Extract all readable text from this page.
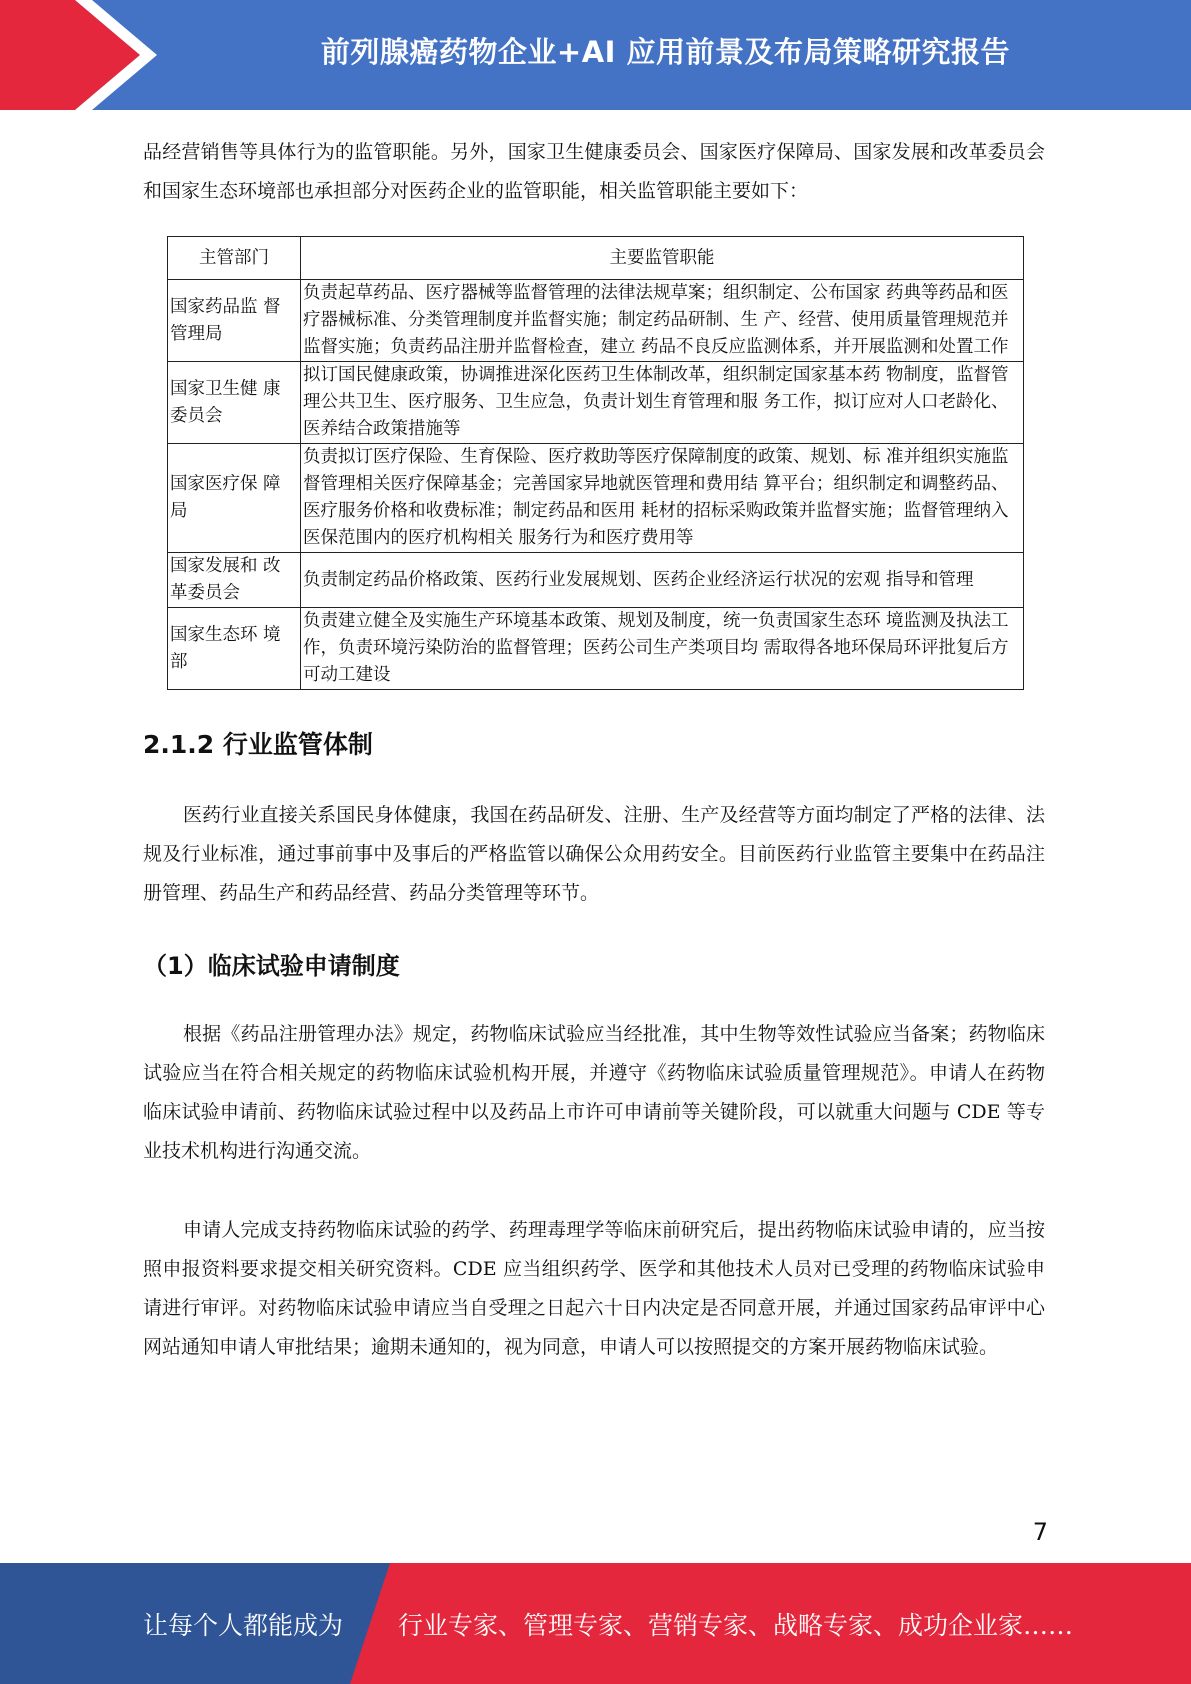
前列腺癌药物企业+AI 应用前景及布局策略研究报告

品经营销售等具体行为的监管职能。另外，国家卫生健康委员会、国家医疗保障局、国家发展和改革委员会和国家生态环境部也承担部分对医药企业的监管职能，相关监管职能主要如下：

主管部门	主要监管职能
国家药品监 督管理局	负责起草药品、医疗器械等监督管理的法律法规草案；组织制定、公布国家 药典等药品和医疗器械标准、分类管理制度并监督实施；制定药品研制、生 产、经营、使用质量管理规范并监督实施；负责药品注册并监督检查，建立 药品不良反应监测体系，并开展监测和处置工作
国家卫生健 康委员会	拟订国民健康政策，协调推进深化医药卫生体制改革，组织制定国家基本药 物制度，监督管理公共卫生、医疗服务、卫生应急，负责计划生育管理和服 务工作，拟订应对人口老龄化、医养结合政策措施等
国家医疗保 障局	负责拟订医疗保险、生育保险、医疗救助等医疗保障制度的政策、规划、标 准并组织实施监督管理相关医疗保障基金；完善国家异地就医管理和费用结 算平台；组织制定和调整药品、医疗服务价格和收费标准；制定药品和医用 耗材的招标采购政策并监督实施；监督管理纳入医保范围内的医疗机构相关 服务行为和医疗费用等
国家发展和 改革委员会	负责制定药品价格政策、医药行业发展规划、医药企业经济运行状况的宏观 指导和管理
国家生态环 境部	负责建立健全及实施生产环境基本政策、规划及制度，统一负责国家生态环 境监测及执法工作，负责环境污染防治的监督管理；医药公司生产类项目均 需取得各地环保局环评批复后方可动工建设
2.1.2 行业监管体制

医药行业直接关系国民身体健康，我国在药品研发、注册、生产及经营等方面均制定了严格的法律、法规及行业标准，通过事前事中及事后的严格监管以确保公众用药安全。目前医药行业监管主要集中在药品注册管理、药品生产和药品经营、药品分类管理等环节。

（1）临床试验申请制度

根据《药品注册管理办法》规定，药物临床试验应当经批准，其中生物等效性试验应当备案；药物临床试验应当在符合相关规定的药物临床试验机构开展，并遵守《药物临床试验质量管理规范》。申请人在药物临床试验申请前、药物临床试验过程中以及药品上市许可申请前等关键阶段，可以就重大问题与 CDE 等专业技术机构进行沟通交流。

申请人完成支持药物临床试验的药学、药理毒理学等临床前研究后，提出药物临床试验申请的，应当按照申报资料要求提交相关研究资料。CDE 应当组织药学、医学和其他技术人员对已受理的药物临床试验申请进行审评。对药物临床试验申请应当自受理之日起六十日内决定是否同意开展，并通过国家药品审评中心网站通知申请人审批结果；逾期未通知的，视为同意，申请人可以按照提交的方案开展药物临床试验。

7
让每个人都能成为 行业专家、管理专家、营销专家、战略专家、成功企业家……
